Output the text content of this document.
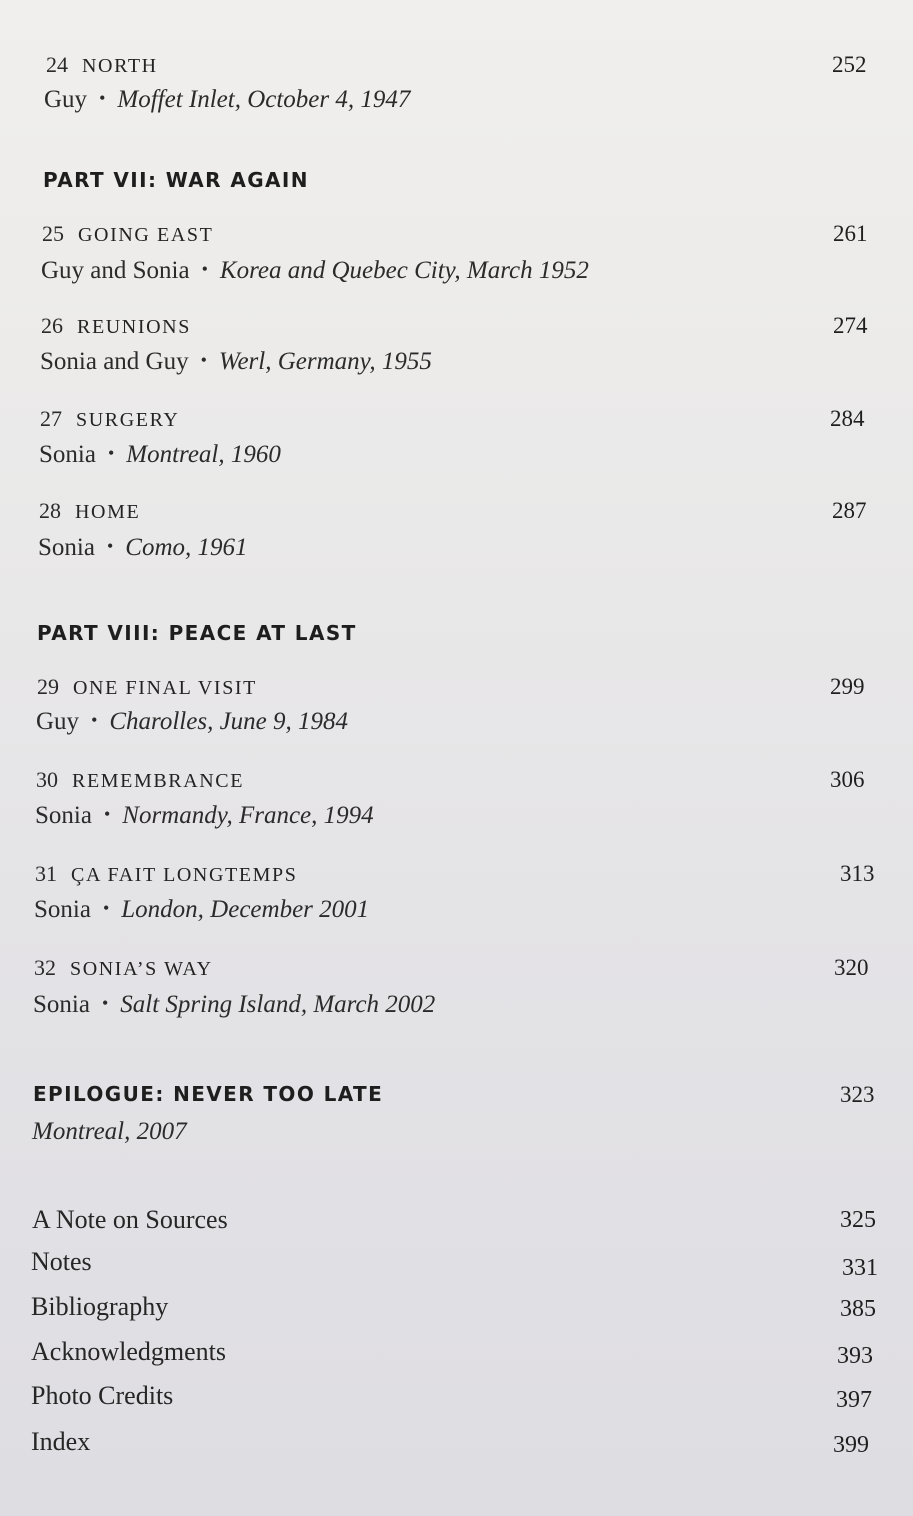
24 NORTH	252
Guy • Moffet Inlet, October 4, 1947
PART VII: WAR AGAIN
25 GOING EAST	261
Guy and Sonia • Korea and Quebec City, March 1952
26 REUNIONS	274
Sonia and Guy • Werl, Germany, 1955
27 SURGERY	284
Sonia • Montreal, 1960
28 HOME	287
Sonia • Como, 1961
PART VIII: PEACE AT LAST
29 ONE FINAL VISIT	299
Guy • Charolles, June 9, 1984
30 REMEMBRANCE	306
Sonia • Normandy, France, 1994
31 ÇA FAIT LONGTEMPS	313
Sonia • London, December 2001
32 SONIA’S WAY	320
Sonia • Salt Spring Island, March 2002
EPILOGUE: NEVER TOO LATE	323
Montreal, 2007
A Note on Sources	325
Notes	331
Bibliography	385
Acknowledgments	393
Photo Credits	397
Index	399
